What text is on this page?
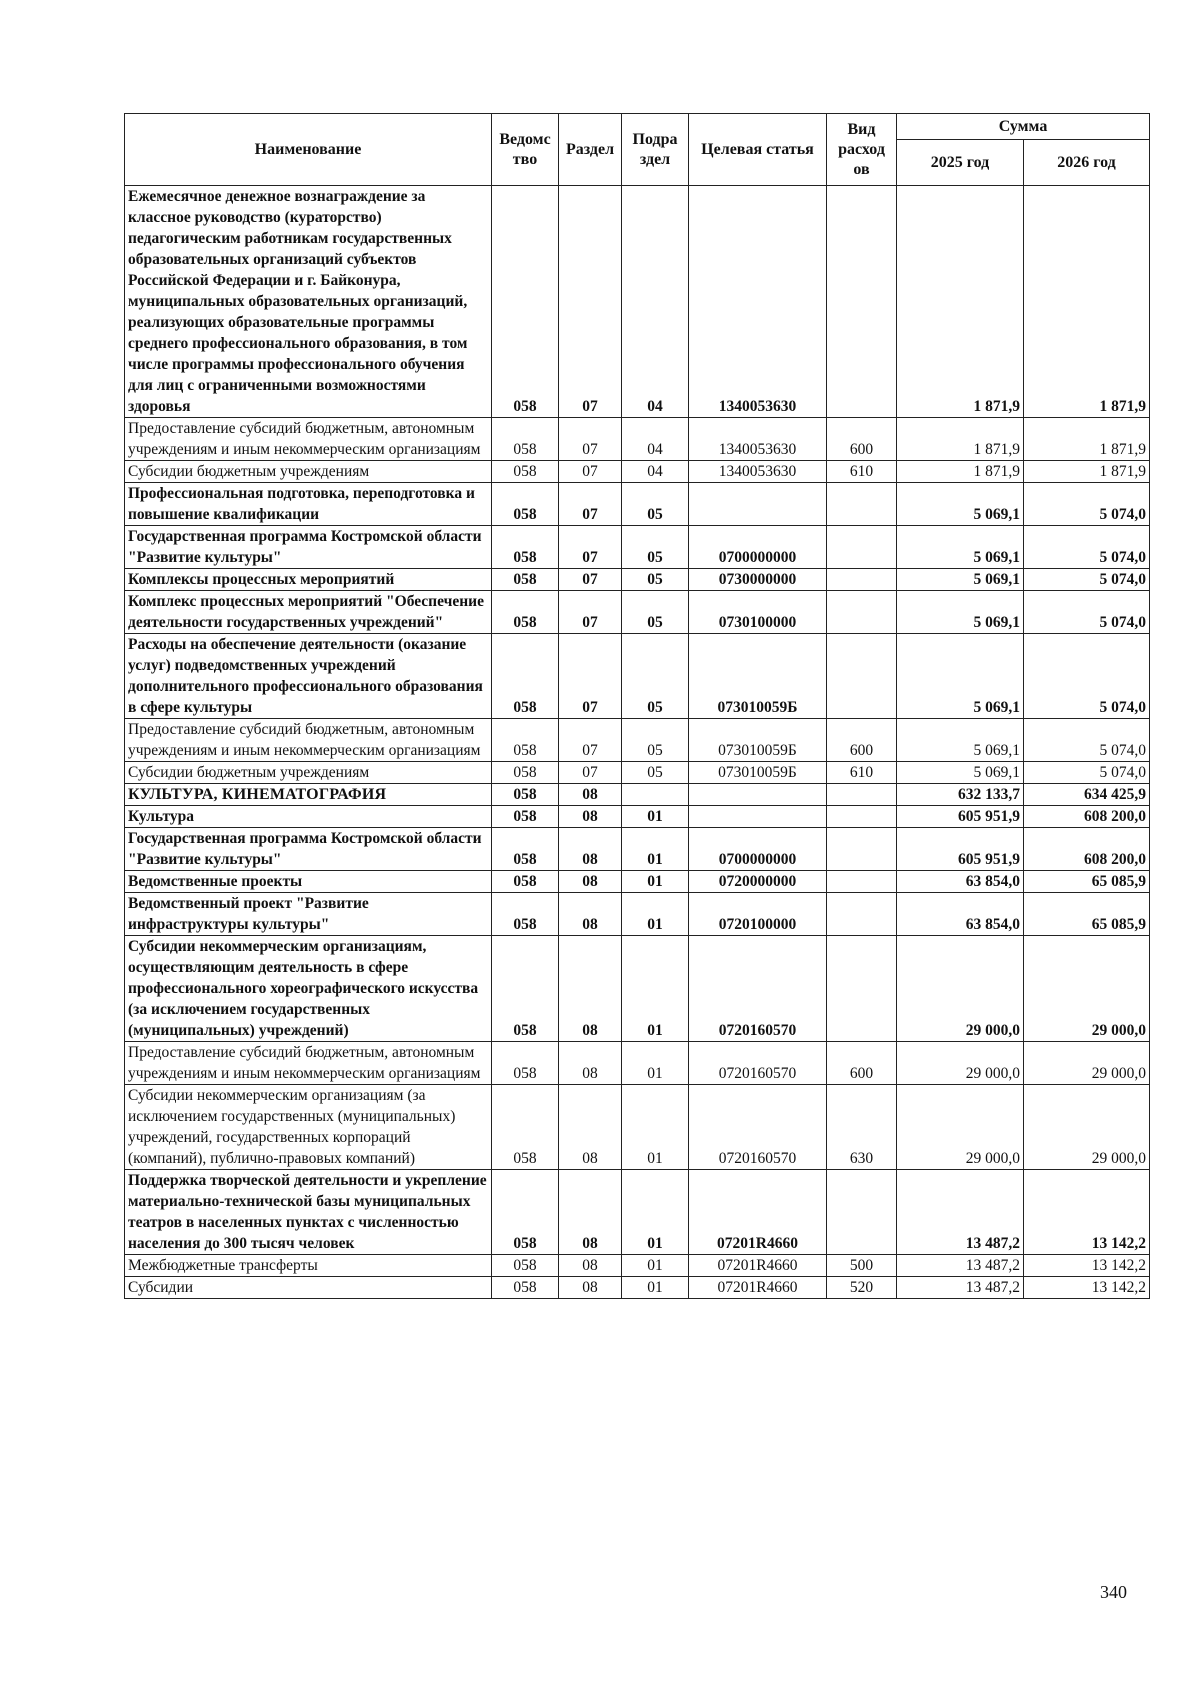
Наименование	Ведомс тво	Раздел	Подра здел	Целевая статья	Вид расход ов	Сумма	
						2025 год	2026 год
Ежемесячное денежное вознаграждение за классное руководство (кураторство) педагогическим работникам государственных образовательных организаций субъектов Российской Федерации и г. Байконура, муниципальных образовательных организаций, реализующих образовательные программы среднего профессионального образования, в том числе программы профессионального обучения для лиц с ограниченными возможностями здоровья	058	07	04	1340053630		1 871,9	1 871,9
Предоставление субсидий бюджетным, автономным учреждениям и иным некоммерческим организациям	058	07	04	1340053630	600	1 871,9	1 871,9
Субсидии бюджетным учреждениям	058	07	04	1340053630	610	1 871,9	1 871,9
Профессиональная подготовка, переподготовка и повышение квалификации	058	07	05			5 069,1	5 074,0
Государственная программа Костромской области "Развитие культуры"	058	07	05	0700000000		5 069,1	5 074,0
Комплексы процессных мероприятий	058	07	05	0730000000		5 069,1	5 074,0
Комплекс процессных мероприятий "Обеспечение деятельности государственных учреждений"	058	07	05	0730100000		5 069,1	5 074,0
Расходы на обеспечение деятельности (оказание услуг) подведомственных учреждений дополнительного профессионального образования в сфере культуры	058	07	05	073010059Б		5 069,1	5 074,0
Предоставление субсидий бюджетным, автономным учреждениям и иным некоммерческим организациям	058	07	05	073010059Б	600	5 069,1	5 074,0
Субсидии бюджетным учреждениям	058	07	05	073010059Б	610	5 069,1	5 074,0
КУЛЬТУРА, КИНЕМАТОГРАФИЯ	058	08				632 133,7	634 425,9
Культура	058	08	01			605 951,9	608 200,0
Государственная программа Костромской области "Развитие культуры"	058	08	01	0700000000		605 951,9	608 200,0
Ведомственные проекты	058	08	01	0720000000		63 854,0	65 085,9
Ведомственный проект "Развитие инфраструктуры культуры"	058	08	01	0720100000		63 854,0	65 085,9
Субсидии некоммерческим организациям, осуществляющим деятельность в сфере профессионального хореографического искусства (за исключением государственных (муниципальных) учреждений)	058	08	01	0720160570		29 000,0	29 000,0
Предоставление субсидий бюджетным, автономным учреждениям и иным некоммерческим организациям	058	08	01	0720160570	600	29 000,0	29 000,0
Субсидии некоммерческим организациям (за исключением государственных (муниципальных) учреждений, государственных корпораций (компаний), публично-правовых компаний)	058	08	01	0720160570	630	29 000,0	29 000,0
Поддержка творческой деятельности и укрепление материально-технической базы муниципальных театров в населенных пунктах с численностью населения до 300 тысяч человек	058	08	01	07201R4660		13 487,2	13 142,2
Межбюджетные трансферты	058	08	01	07201R4660	500	13 487,2	13 142,2
Субсидии	058	08	01	07201R4660	520	13 487,2	13 142,2
340
